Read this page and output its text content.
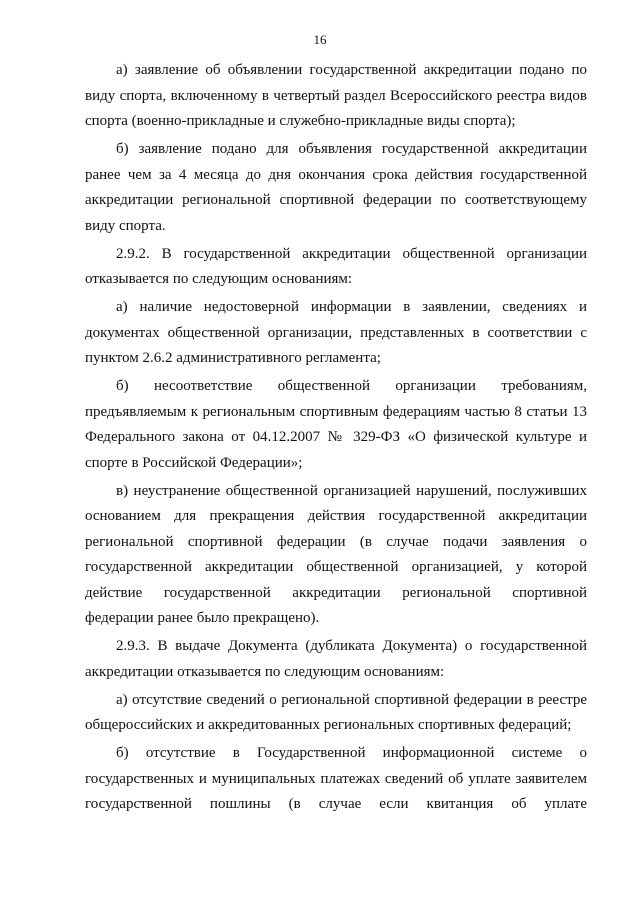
16

а) заявление об объявлении государственной аккредитации подано по виду спорта, включенному в четвертый раздел Всероссийского реестра видов спорта (военно-прикладные и служебно-прикладные виды спорта);

б) заявление подано для объявления государственной аккредитации ранее чем за 4 месяца до дня окончания срока действия государственной аккредитации региональной спортивной федерации по соответствующему виду спорта.

2.9.2. В государственной аккредитации общественной организации отказывается по следующим основаниям:

а) наличие недостоверной информации в заявлении, сведениях и документах общественной организации, представленных в соответствии с пунктом 2.6.2 административного регламента;

б) несоответствие общественной организации требованиям, предъявляемым к региональным спортивным федерациям частью 8 статьи 13 Федерального закона от 04.12.2007 № 329-ФЗ «О физической культуре и спорте в Российской Федерации»;

в) неустранение общественной организацией нарушений, послуживших основанием для прекращения действия государственной аккредитации региональной спортивной федерации (в случае подачи заявления о государственной аккредитации общественной организацией, у которой действие государственной аккредитации региональной спортивной федерации ранее было прекращено).

2.9.3. В выдаче Документа (дубликата Документа) о государственной аккредитации отказывается по следующим основаниям:

а) отсутствие сведений о региональной спортивной федерации в реестре общероссийских и аккредитованных региональных спортивных федераций;

б) отсутствие в Государственной информационной системе о государственных и муниципальных платежах сведений об уплате заявителем государственной пошлины (в случае если квитанция об уплате
